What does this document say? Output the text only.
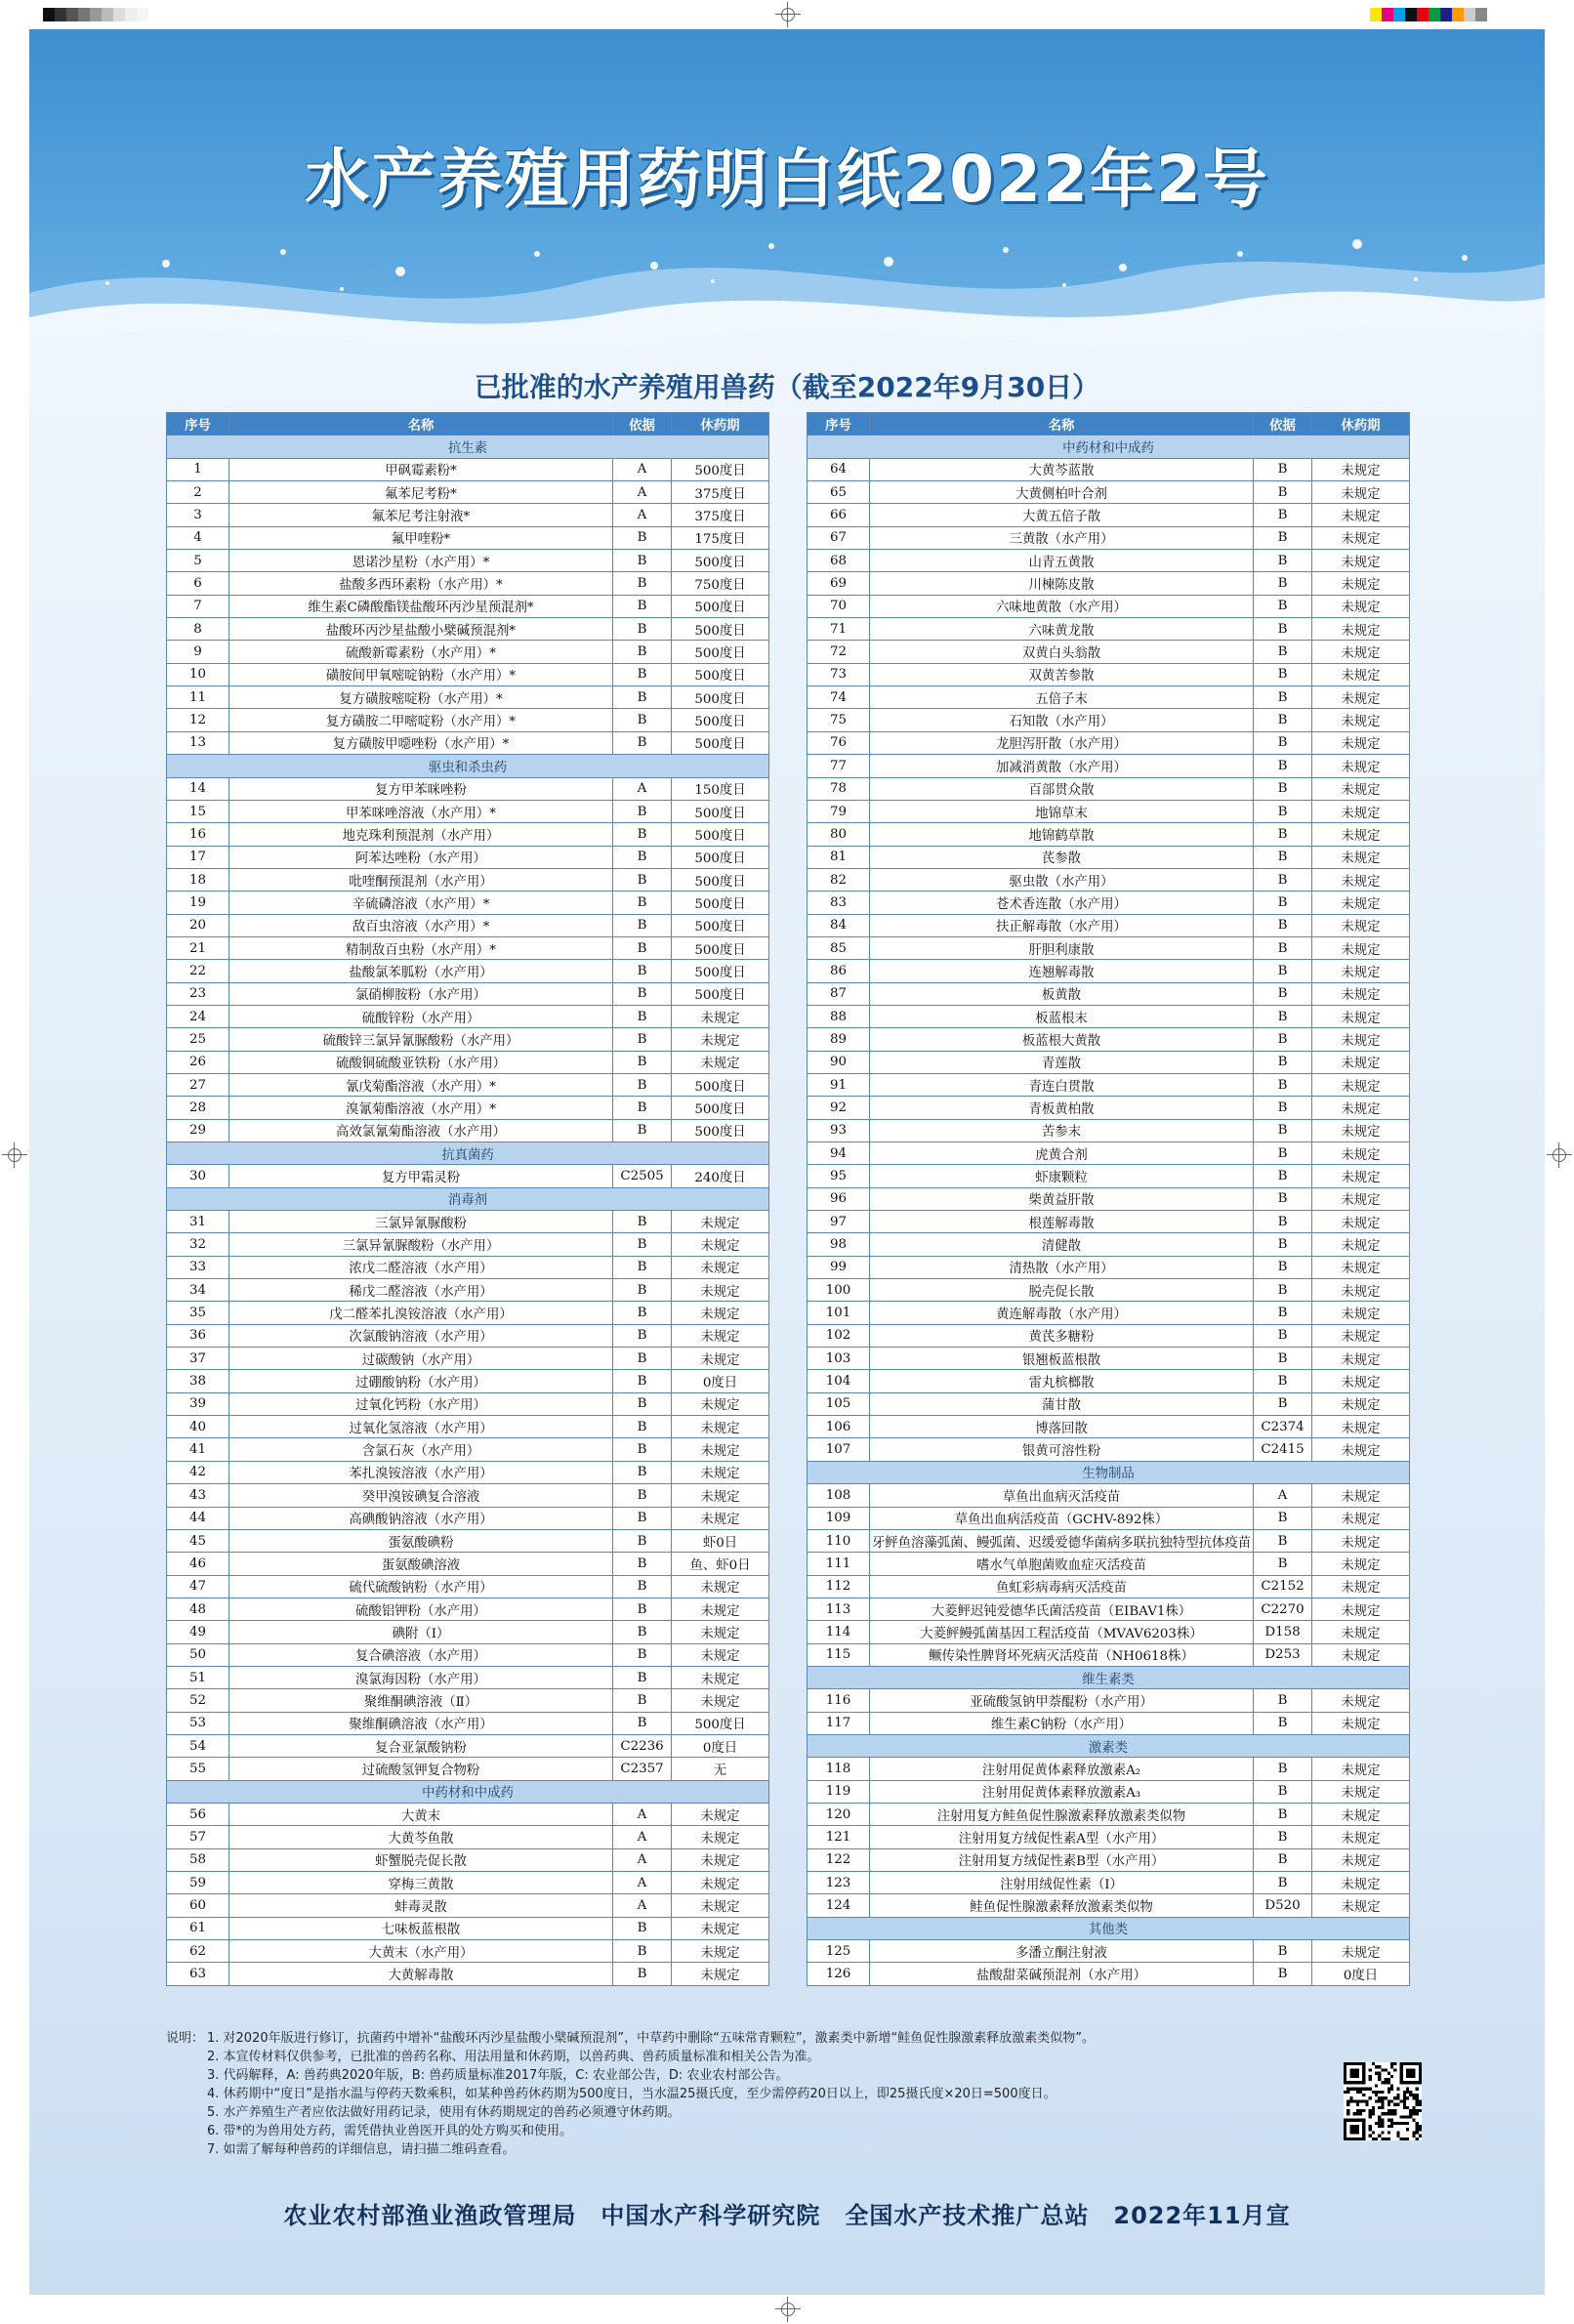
水产养殖用药明白纸2022年2号
已批准的水产养殖用兽药（截至2022年9月30日）
序号	名称	依据	休药期
抗生素			
1	甲砜霉素粉*	A	500度日
2	氟苯尼考粉*	A	375度日
3	氟苯尼考注射液*	A	375度日
4	氟甲喹粉*	B	175度日
5	恩诺沙星粉（水产用）*	B	500度日
6	盐酸多西环素粉（水产用）*	B	750度日
7	维生素C磷酸酯镁盐酸环丙沙星预混剂*	B	500度日
8	盐酸环丙沙星盐酸小檗碱预混剂*	B	500度日
9	硫酸新霉素粉（水产用）*	B	500度日
10	磺胺间甲氧嘧啶钠粉（水产用）*	B	500度日
11	复方磺胺嘧啶粉（水产用）*	B	500度日
12	复方磺胺二甲嘧啶粉（水产用）*	B	500度日
13	复方磺胺甲噁唑粉（水产用）*	B	500度日
驱虫和杀虫药			
14	复方甲苯咪唑粉	A	150度日
15	甲苯咪唑溶液（水产用）*	B	500度日
16	地克珠利预混剂（水产用）	B	500度日
17	阿苯达唑粉（水产用）	B	500度日
18	吡喹酮预混剂（水产用）	B	500度日
19	辛硫磷溶液（水产用）*	B	500度日
20	敌百虫溶液（水产用）*	B	500度日
21	精制敌百虫粉（水产用）*	B	500度日
22	盐酸氯苯胍粉（水产用）	B	500度日
23	氯硝柳胺粉（水产用）	B	500度日
24	硫酸锌粉（水产用）	B	未规定
25	硫酸锌三氯异氰脲酸粉（水产用）	B	未规定
26	硫酸铜硫酸亚铁粉（水产用）	B	未规定
27	氰戊菊酯溶液（水产用）*	B	500度日
28	溴氰菊酯溶液（水产用）*	B	500度日
29	高效氯氰菊酯溶液（水产用）	B	500度日
抗真菌药			
30	复方甲霜灵粉	C2505	240度日
消毒剂			
31	三氯异氰脲酸粉	B	未规定
32	三氯异氰脲酸粉（水产用）	B	未规定
33	浓戊二醛溶液（水产用）	B	未规定
34	稀戊二醛溶液（水产用）	B	未规定
35	戊二醛苯扎溴铵溶液（水产用）	B	未规定
36	次氯酸钠溶液（水产用）	B	未规定
37	过碳酸钠（水产用）	B	未规定
38	过硼酸钠粉（水产用）	B	0度日
39	过氧化钙粉（水产用）	B	未规定
40	过氧化氢溶液（水产用）	B	未规定
41	含氯石灰（水产用）	B	未规定
42	苯扎溴铵溶液（水产用）	B	未规定
43	癸甲溴铵碘复合溶液	B	未规定
44	高碘酸钠溶液（水产用）	B	未规定
45	蛋氨酸碘粉	B	虾0日
46	蛋氨酸碘溶液	B	鱼、虾0日
47	硫代硫酸钠粉（水产用）	B	未规定
48	硫酸铝钾粉（水产用）	B	未规定
49	碘附（Ⅰ）	B	未规定
50	复合碘溶液（水产用）	B	未规定
51	溴氯海因粉（水产用）	B	未规定
52	聚维酮碘溶液（Ⅱ）	B	未规定
53	聚维酮碘溶液（水产用）	B	500度日
54	复合亚氯酸钠粉	C2236	0度日
55	过硫酸氢钾复合物粉	C2357	无
中药材和中成药			
56	大黄末	A	未规定
57	大黄芩鱼散	A	未规定
58	虾蟹脱壳促长散	A	未规定
59	穿梅三黄散	A	未规定
60	蚌毒灵散	A	未规定
61	七味板蓝根散	B	未规定
62	大黄末（水产用）	B	未规定
63	大黄解毒散	B	未规定
序号	名称	依据	休药期
中药材和中成药			
64	大黄芩蓝散	B	未规定
65	大黄侧柏叶合剂	B	未规定
66	大黄五倍子散	B	未规定
67	三黄散（水产用）	B	未规定
68	山青五黄散	B	未规定
69	川楝陈皮散	B	未规定
70	六味地黄散（水产用）	B	未规定
71	六味黄龙散	B	未规定
72	双黄白头翁散	B	未规定
73	双黄苦参散	B	未规定
74	五倍子末	B	未规定
75	石知散（水产用）	B	未规定
76	龙胆泻肝散（水产用）	B	未规定
77	加减消黄散（水产用）	B	未规定
78	百部贯众散	B	未规定
79	地锦草末	B	未规定
80	地锦鹤草散	B	未规定
81	芪参散	B	未规定
82	驱虫散（水产用）	B	未规定
83	苍术香连散（水产用）	B	未规定
84	扶正解毒散（水产用）	B	未规定
85	肝胆利康散	B	未规定
86	连翘解毒散	B	未规定
87	板黄散	B	未规定
88	板蓝根末	B	未规定
89	板蓝根大黄散	B	未规定
90	青莲散	B	未规定
91	青连白贯散	B	未规定
92	青板黄柏散	B	未规定
93	苦参末	B	未规定
94	虎黄合剂	B	未规定
95	虾康颗粒	B	未规定
96	柴黄益肝散	B	未规定
97	根莲解毒散	B	未规定
98	清健散	B	未规定
99	清热散（水产用）	B	未规定
100	脱壳促长散	B	未规定
101	黄连解毒散（水产用）	B	未规定
102	黄芪多糖粉	B	未规定
103	银翘板蓝根散	B	未规定
104	雷丸槟榔散	B	未规定
105	蒲甘散	B	未规定
106	博落回散	C2374	未规定
107	银黄可溶性粉	C2415	未规定
生物制品			
108	草鱼出血病灭活疫苗	A	未规定
109	草鱼出血病活疫苗（GCHV-892株）	B	未规定
110	牙鲆鱼溶藻弧菌、鳗弧菌、迟缓爱德华菌病多联抗独特型抗体疫苗	B	未规定
111	嗜水气单胞菌败血症灭活疫苗	B	未规定
112	鱼虹彩病毒病灭活疫苗	C2152	未规定
113	大菱鲆迟钝爱德华氏菌活疫苗（EIBAV1株）	C2270	未规定
114	大菱鲆鳗弧菌基因工程活疫苗（MVAV6203株）	D158	未规定
115	鳜传染性脾肾坏死病灭活疫苗（NH0618株）	D253	未规定
维生素类			
116	亚硫酸氢钠甲萘醌粉（水产用）	B	未规定
117	维生素C钠粉（水产用）	B	未规定
激素类			
118	注射用促黄体素释放激素A₂	B	未规定
119	注射用促黄体素释放激素A₃	B	未规定
120	注射用复方鲑鱼促性腺激素释放激素类似物	B	未规定
121	注射用复方绒促性素A型（水产用）	B	未规定
122	注射用复方绒促性素B型（水产用）	B	未规定
123	注射用绒促性素（Ⅰ）	B	未规定
124	鲑鱼促性腺激素释放激素类似物	D520	未规定
其他类			
125	多潘立酮注射液	B	未规定
126	盐酸甜菜碱预混剂（水产用）	B	0度日
说明： 1. 对2020年版进行修订，抗菌药中增补“盐酸环丙沙星盐酸小檗碱预混剂”，中草药中删除“五味常青颗粒”，激素类中新增“鲑鱼促性腺激素释放激素类似物”。
2. 本宣传材料仅供参考，已批准的兽药名称、用法用量和休药期，以兽药典、兽药质量标准和相关公告为准。
3. 代码解释，A: 兽药典2020年版，B: 兽药质量标准2017年版，C: 农业部公告，D: 农业农村部公告。
4. 休药期中“度日”是指水温与停药天数乘积，如某种兽药休药期为500度日，当水温25摄氏度，至少需停药20日以上，即25摄氏度×20日=500度日。
5. 水产养殖生产者应依法做好用药记录，使用有休药期规定的兽药必须遵守休药期。
6. 带*的为兽用处方药，需凭借执业兽医开具的处方购买和使用。
7. 如需了解每种兽药的详细信息，请扫描二维码查看。
农业农村部渔业渔政管理局　中国水产科学研究院　全国水产技术推广总站　2022年11月宣
